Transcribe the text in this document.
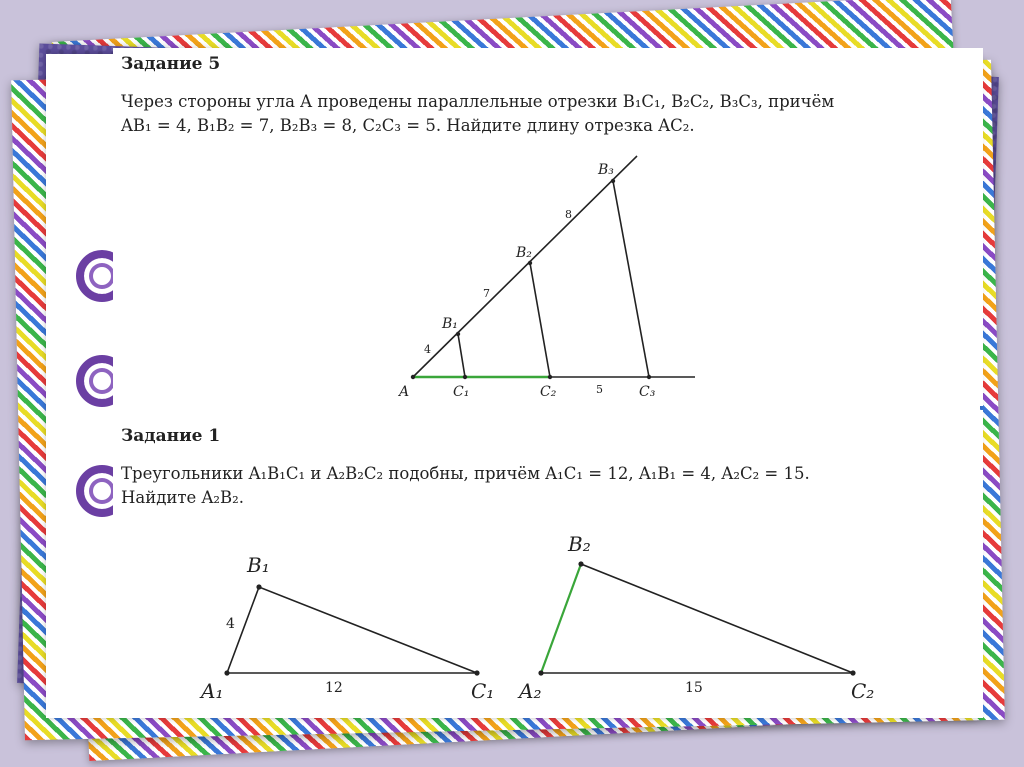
Задание 5
Через стороны угла A проведены параллельные отрезки B₁C₁, B₂C₂, B₃C₃, причём
AB₁ = 4, B₁B₂ = 7, B₂B₃ = 8, C₂C₃ = 5. Найдите длину отрезка AC₂.
A
B₁
B₂
B₃
C₁	C₂	C₃
4
7
8
5
Задание 1
Треугольники A₁B₁C₁ и A₂B₂C₂ подобны, причём A₁C₁ = 12, A₁B₁ = 4, A₂C₂ = 15.
Найдите A₂B₂.
A₁
B₁
C₁
4
12	A₂
B₂
C₂
15
